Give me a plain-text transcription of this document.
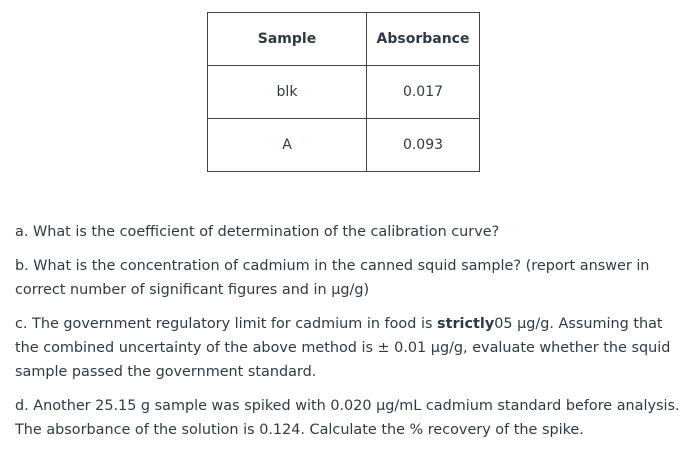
Sample	Absorbance
blk	0.017
A	0.093

a. What is the coefficient of determination of the calibration curve?

b. What is the concentration of cadmium in the canned squid sample? (report answer in correct number of significant figures and in µg/g)

c. The government regulatory limit for cadmium in food is strictly05 µg/g. Assuming that the combined uncertainty of the above method is ± 0.01 µg/g, evaluate whether the squid sample passed the government standard.

d. Another 25.15 g sample was spiked with 0.020 µg/mL cadmium standard before analysis. The absorbance of the solution is 0.124. Calculate the % recovery of the spike.
